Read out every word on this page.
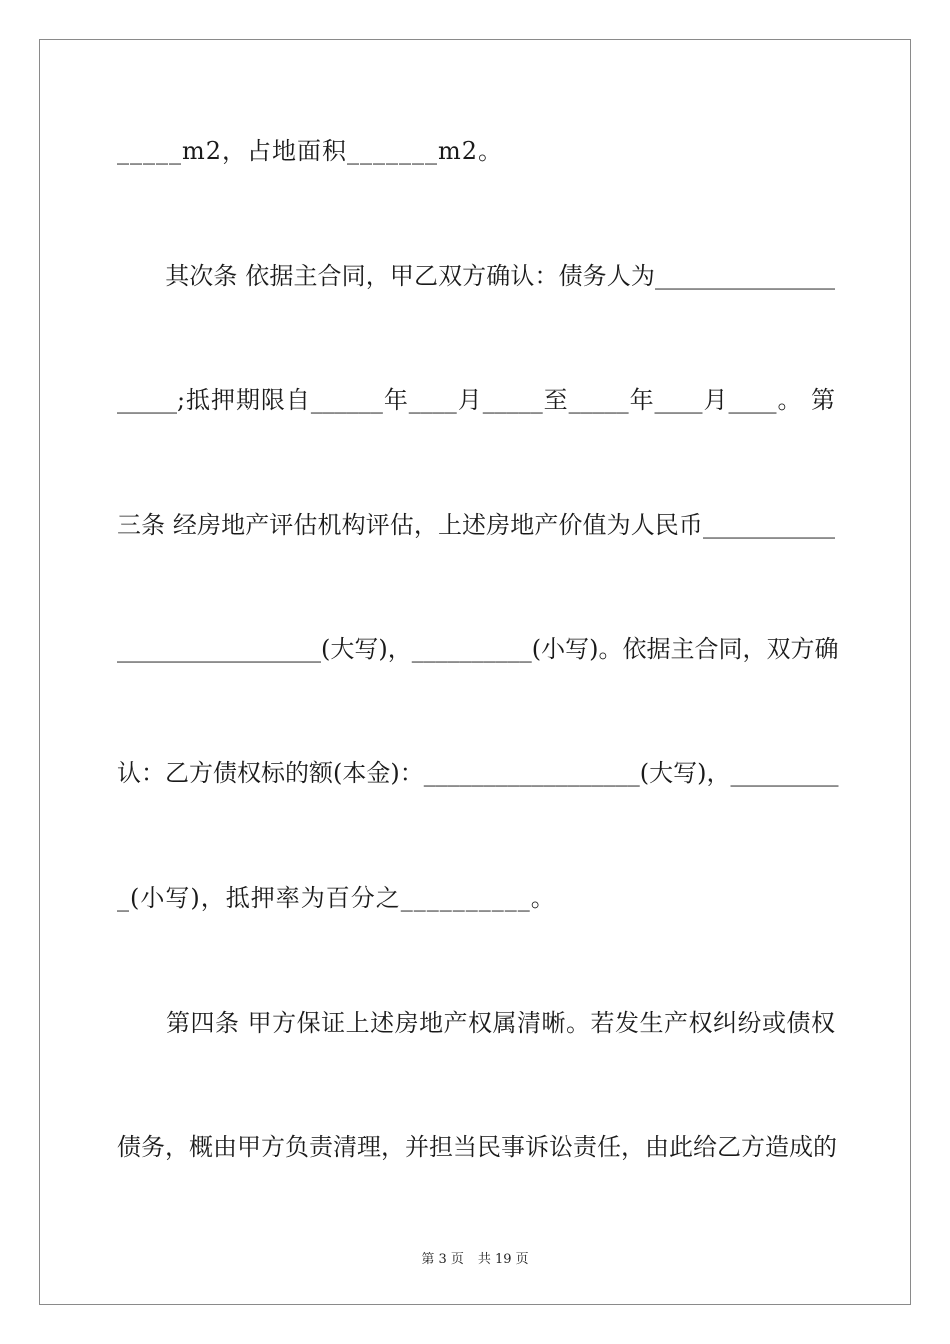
_____m2，占地面积_______m2。
　　其次条 依据主合同，甲乙双方确认：债务人为_______________
_____;抵押期限自______年____月_____至_____年____月____。 第
三条 经房地产评估机构评估，上述房地产价值为人民币___________
_________________(大写)，__________(小写)。依据主合同，双方确
认：乙方债权标的额(本金)：__________________(大写)，_________
_(小写)，抵押率为百分之__________。
　　第四条 甲方保证上述房地产权属清晰。若发生产权纠纷或债权
债务，概由甲方负责清理，并担当民事诉讼责任，由此给乙方造成的
第 3 页 共 19 页
